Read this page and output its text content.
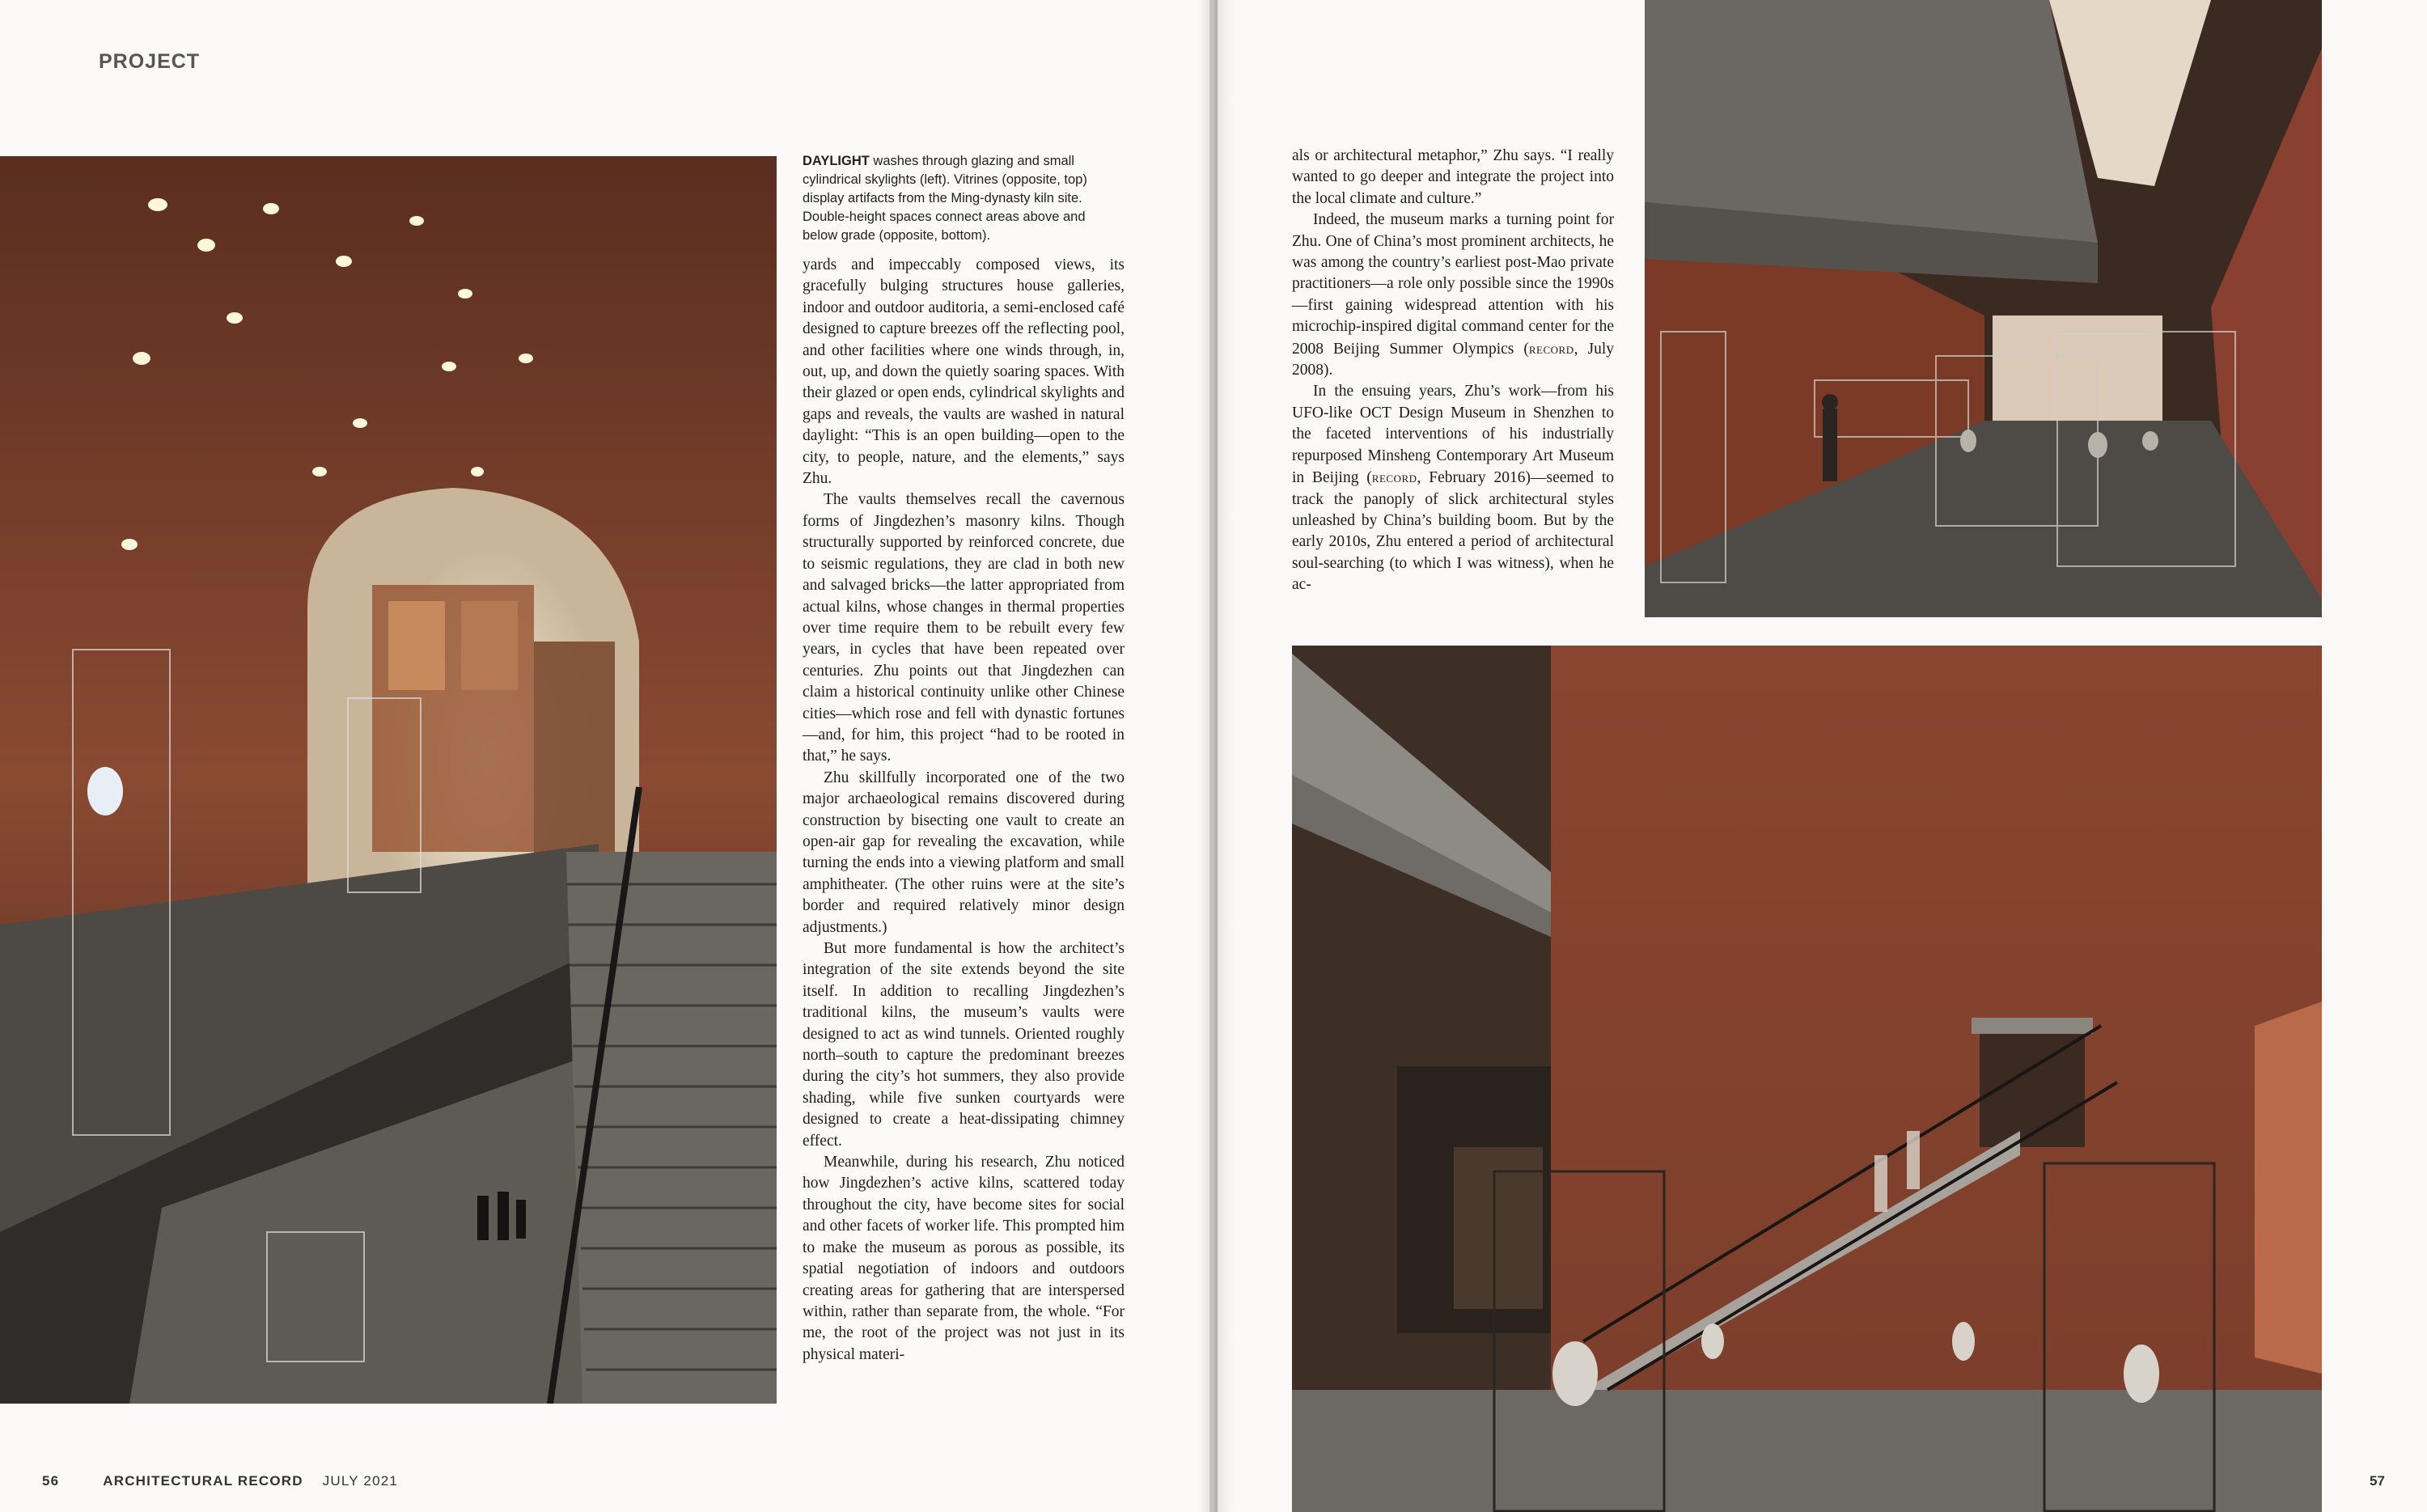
PROJECT
DAYLIGHT washes through glazing and small cylindrical skylights (left). Vitrines (opposite, top) display artifacts from the Ming-dynasty kiln site. Double-height spaces connect areas above and below grade (opposite, bottom).

yards and impeccably composed views, its gracefully bulging structures house galleries, indoor and outdoor auditoria, a semi-enclosed café designed to capture breezes off the reflecting pool, and other facilities where one winds through, in, out, up, and down the quietly soaring spaces. With their glazed or open ends, cylindrical skylights and gaps and reveals, the vaults are washed in natural daylight: “This is an open building—open to the city, to people, nature, and the elements,” says Zhu.

The vaults themselves recall the cavernous forms of Jingdezhen’s masonry kilns. Though structurally supported by reinforced concrete, due to seismic regulations, they are clad in both new and salvaged bricks—the latter appropriated from actual kilns, whose changes in thermal properties over time require them to be rebuilt every few years, in cycles that have been repeated over centuries. Zhu points out that Jingdezhen can claim a historical continuity unlike other Chinese cities—which rose and fell with dynastic fortunes—and, for him, this project “had to be rooted in that,” he says.

Zhu skillfully incorporated one of the two major archaeological remains discovered during construction by bisecting one vault to create an open-air gap for revealing the excavation, while turning the ends into a viewing platform and small amphitheater. (The other ruins were at the site’s border and required relatively minor design adjustments.)

But more fundamental is how the architect’s integration of the site extends beyond the site itself. In addition to recalling Jingdezhen’s traditional kilns, the museum’s vaults were designed to act as wind tunnels. Oriented roughly north–south to capture the predominant breezes during the city’s hot summers, they also provide shading, while five sunken courtyards were designed to create a heat-dissipating chimney effect.

Meanwhile, during his research, Zhu noticed how Jingdezhen’s active kilns, scattered today throughout the city, have become sites for social and other facets of worker life. This prompted him to make the museum as porous as possible, its spatial negotiation of indoors and outdoors creating areas for gathering that are interspersed within, rather than separate from, the whole. “For me, the root of the project was not just in its physical materi-

56	ARCHITECTURAL RECORD JULY 2021

als or architectural metaphor,” Zhu says. “I really wanted to go deeper and integrate the project into the local climate and culture.”

Indeed, the museum marks a turning point for Zhu. One of China’s most prominent architects, he was among the country’s earliest post-Mao private practitioners—a role only possible since the 1990s—first gaining widespread attention with his microchip-inspired digital command center for the 2008 Beijing Summer Olympics (record, July 2008).

In the ensuing years, Zhu’s work—from his UFO-like OCT Design Museum in Shenzhen to the faceted interventions of his industrially repurposed Minsheng Contemporary Art Museum in Beijing (record, February 2016)—seemed to track the panoply of slick architectural styles unleashed by China’s building boom. But by the early 2010s, Zhu entered a period of architectural soul-searching (to which I was witness), when he ac-

57
